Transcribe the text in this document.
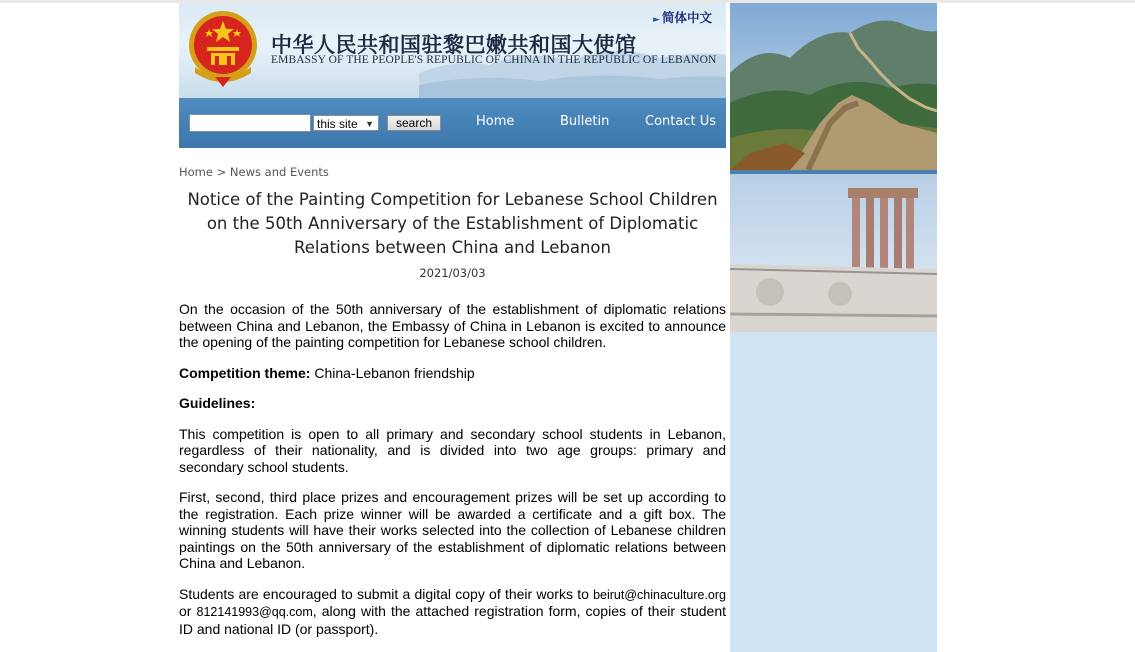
中华人民共和国驻黎巴嫩共和国大使馆
EMBASSY OF THE PEOPLE'S REPUBLIC OF CHINA IN THE REPUBLIC OF LEBANON
► 简体中文
this site ▼	search	Home	Bulletin	Contact Us
Home > News and Events
Notice of the Painting Competition for Lebanese School Children on the 50th Anniversary of the Establishment of Diplomatic Relations between China and Lebanon
2021/03/03

On the occasion of the 50th anniversary of the establishment of diplomatic relations between China and Lebanon, the Embassy of China in Lebanon is excited to announce the opening of the painting competition for Lebanese school children.

Competition theme: China-Lebanon friendship

Guidelines:

This competition is open to all primary and secondary school students in Lebanon, regardless of their nationality, and is divided into two age groups: primary and secondary school students.

First, second, third place prizes and encouragement prizes will be set up according to the registration. Each prize winner will be awarded a certificate and a gift box. The winning students will have their works selected into the collection of Lebanese children paintings on the 50th anniversary of the establishment of diplomatic relations between China and Lebanon.

Students are encouraged to submit a digital copy of their works to beirut@chinaculture.org or 812141993@qq.com, along with the attached registration form, copies of their student ID and national ID (or passport).
